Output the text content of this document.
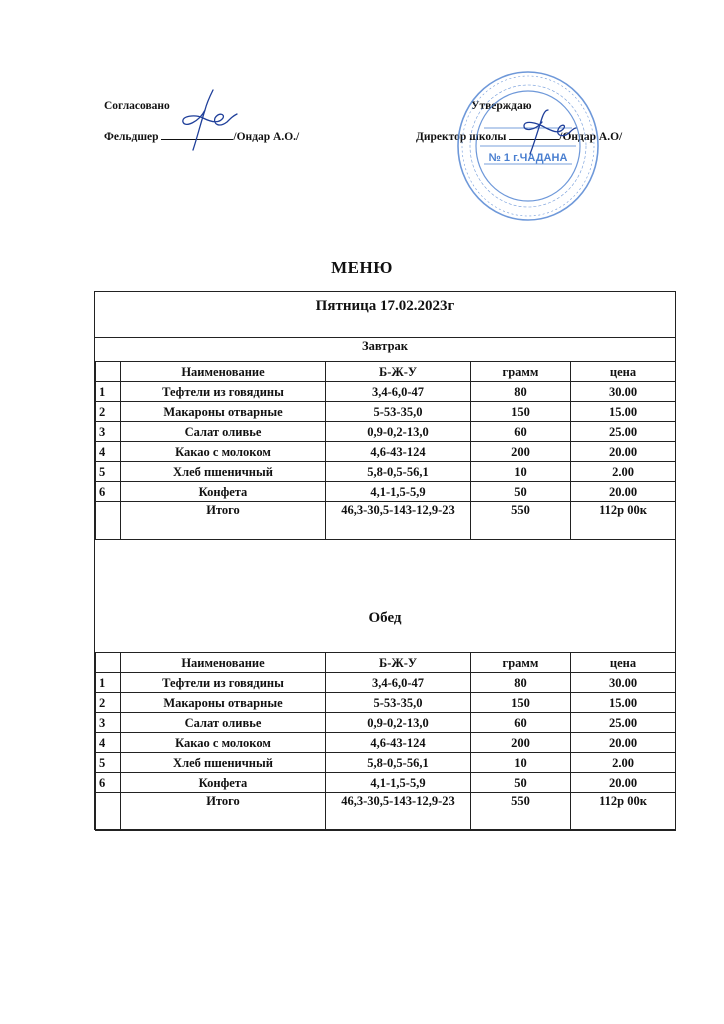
Согласовано
Фельдшер	/Ондар А.О./
Утверждаю
Директор школы	/Ондар А.О/
№ 1 г.ЧАДАНА
МЕНЮ
Пятница 17.02.2023г
Завтрак
	Наименование	Б-Ж-У	грамм	цена
1	Тефтели из говядины	3,4-6,0-47	80	30.00
2	Макароны отварные	5-53-35,0	150	15.00
3	Салат оливье	0,9-0,2-13,0	60	25.00
4	Какао с молоком	4,6-43-124	200	20.00
5	Хлеб пшеничный	5,8-0,5-56,1	10	2.00
6	Конфета	4,1-1,5-5,9	50	20.00
	Итого	46,3-30,5-143-12,9-23	550	112р 00к
Обед
	Наименование	Б-Ж-У	грамм	цена
1	Тефтели из говядины	3,4-6,0-47	80	30.00
2	Макароны отварные	5-53-35,0	150	15.00
3	Салат оливье	0,9-0,2-13,0	60	25.00
4	Какао с молоком	4,6-43-124	200	20.00
5	Хлеб пшеничный	5,8-0,5-56,1	10	2.00
6	Конфета	4,1-1,5-5,9	50	20.00
	Итого	46,3-30,5-143-12,9-23	550	112р 00к
